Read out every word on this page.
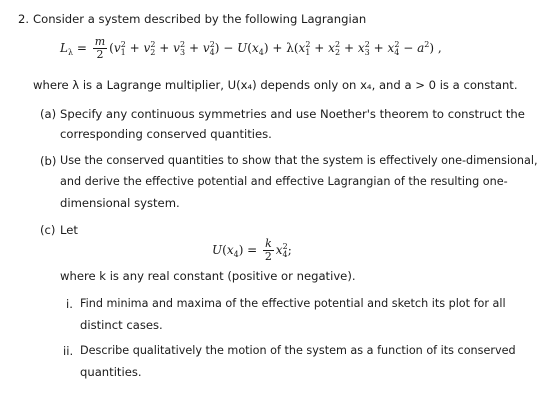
2. Consider a system described by the following Lagrangian
$L_\lambda = \frac{m}{2} (v_1^2 + v_2^2 + v_3^2 + v_4^2) - U(x_4) + \lambda(x_1^2 + x_2^2 + x_3^2 + x_4^2 - a^2)$ ,
where λ is a Lagrange multiplier, U(x₄) depends only on x₄, and a > 0 is a constant.
(a) Specify any continuous symmetries and use Noether's theorem to construct the
corresponding conserved quantities.
(b) Use the conserved quantities to show that the system is effectively one-dimensional,
and derive the effective potential and effective Lagrangian of the resulting one-
dimensional system.
(c) Let
$U(x_4) = \frac{k}{2} x_4^2$;
where k is any real constant (positive or negative).
i. Find minima and maxima of the effective potential and sketch its plot for all
distinct cases.
ii. Describe qualitatively the motion of the system as a function of its conserved
quantities.
